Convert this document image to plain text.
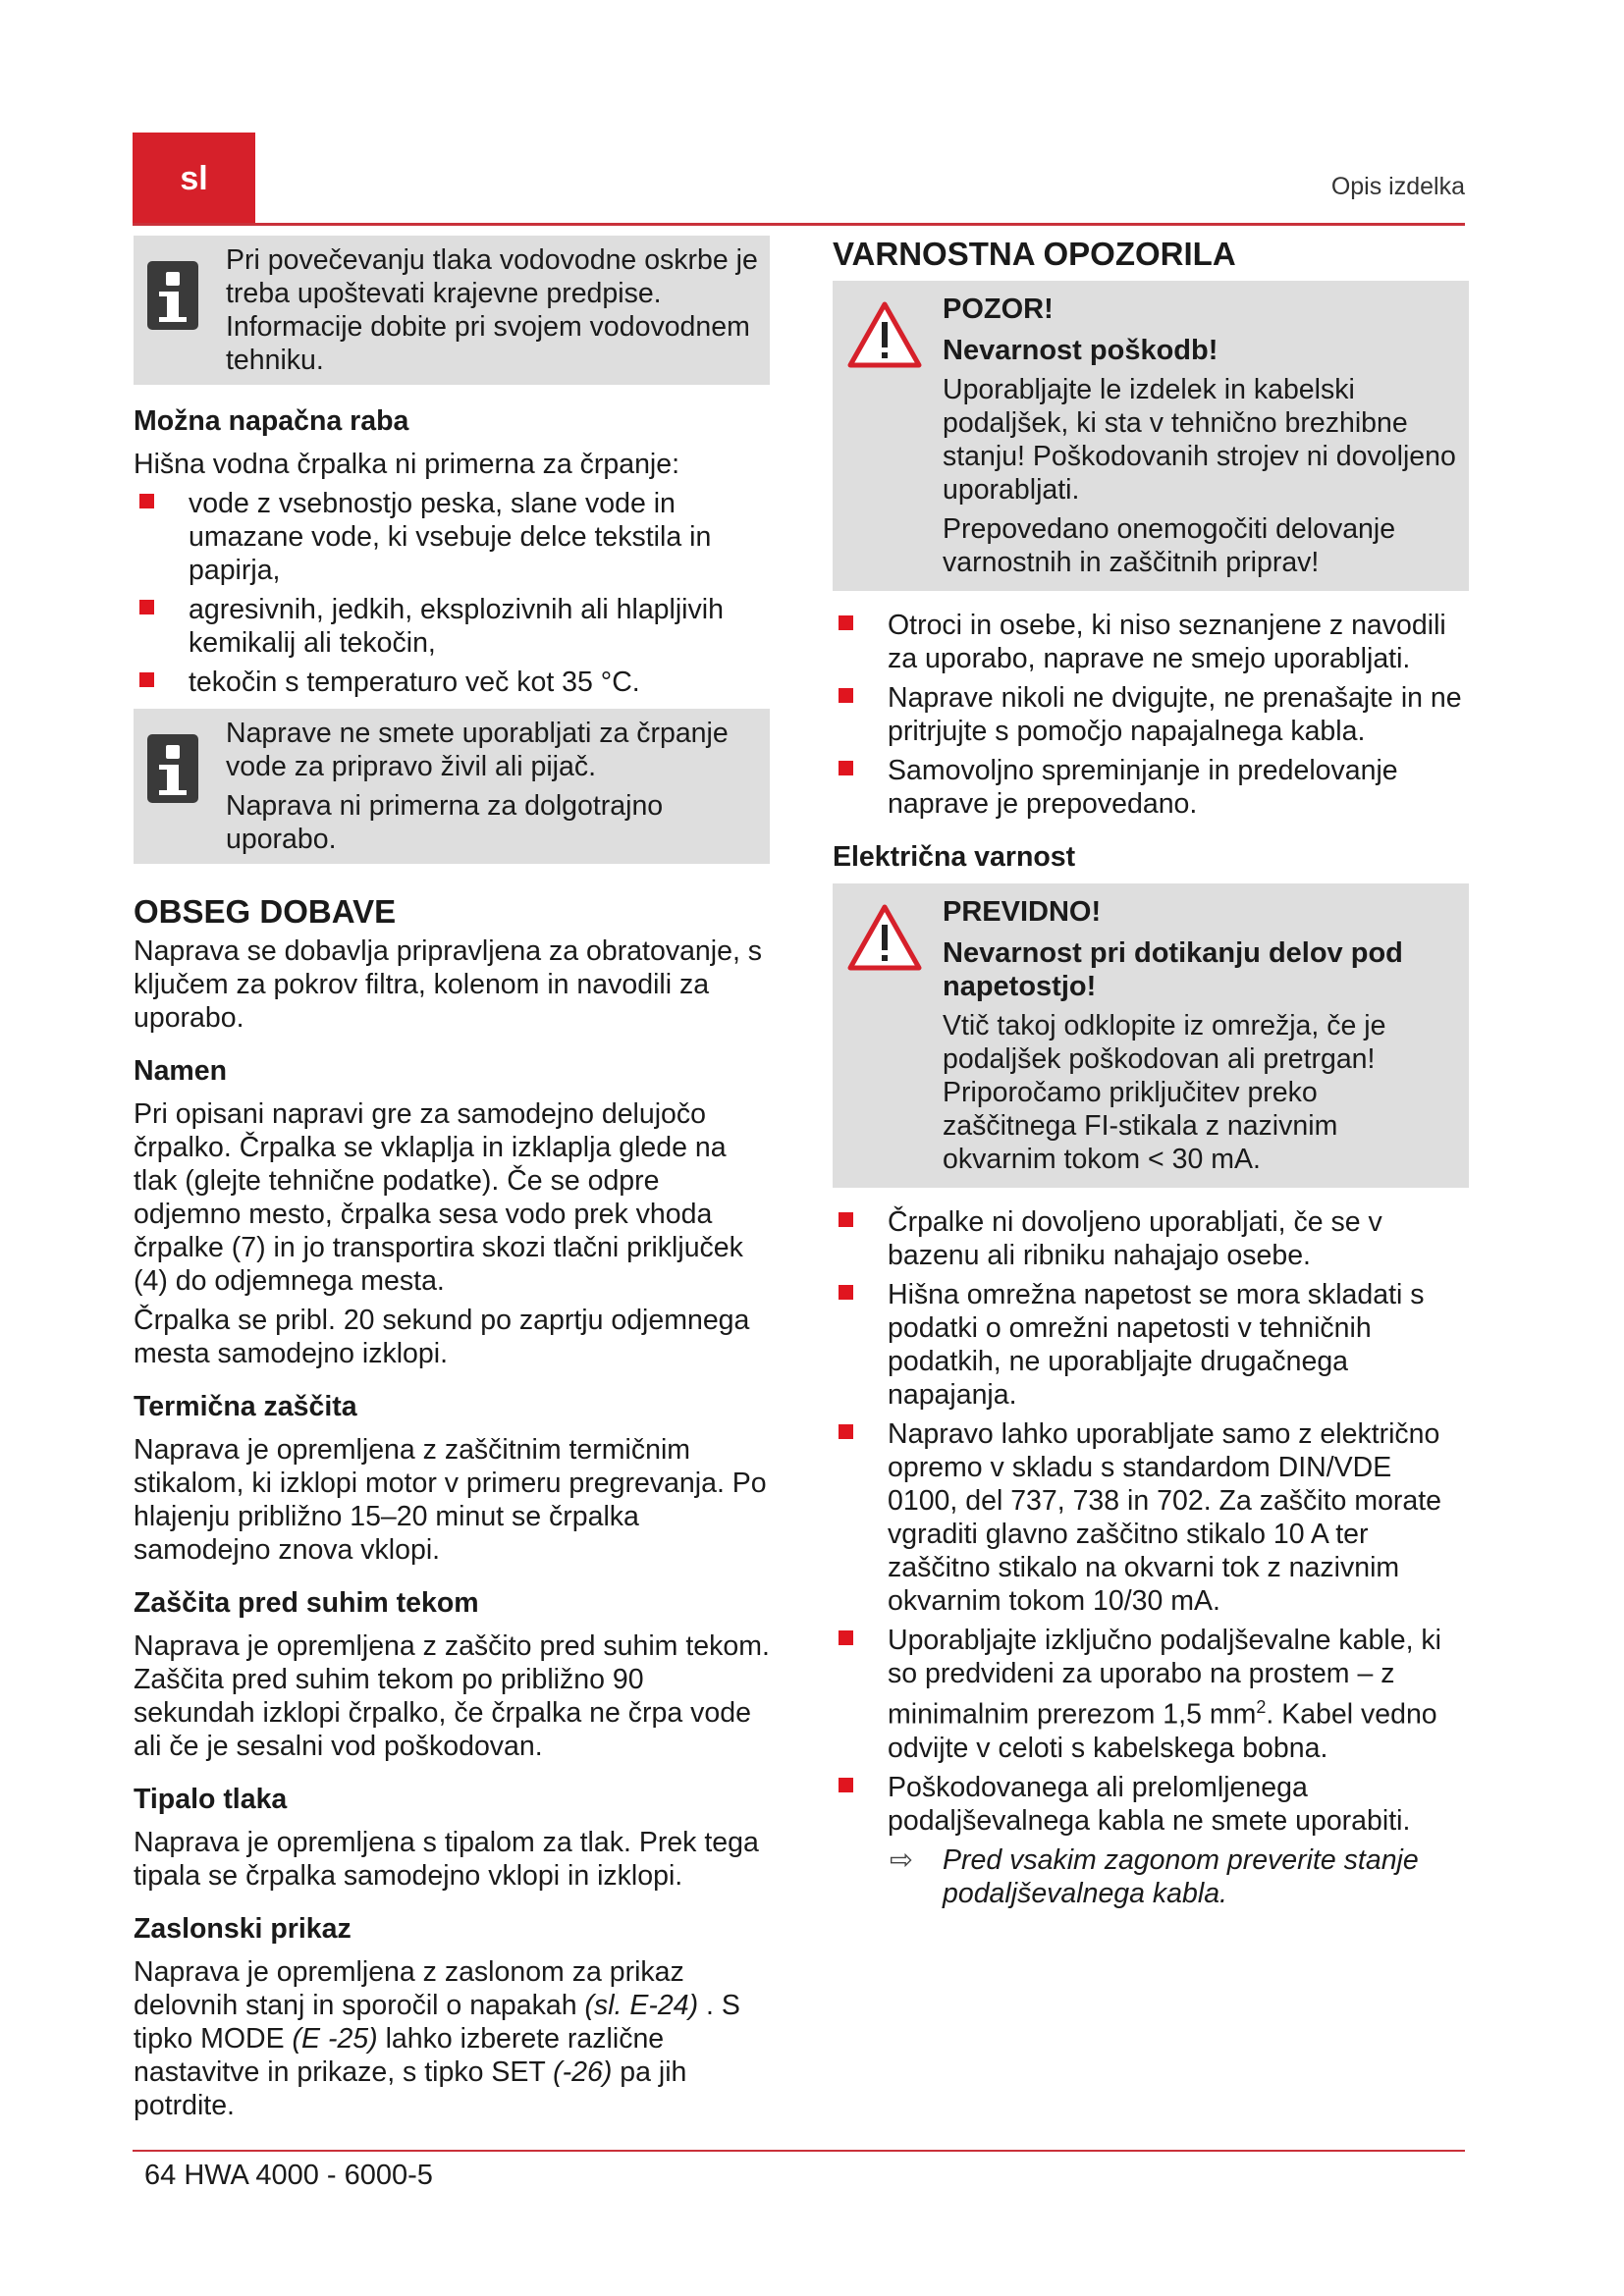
sl	Opis izdelka
Pri povečevanju tlaka vodovodne oskrbe je treba upoštevati krajevne predpise. Informacije dobite pri svojem vodovodnem tehniku.
Možna napačna raba

Hišna vodna črpalka ni primerna za črpanje:

vode z vsebnostjo peska, slane vode in umazane vode, ki vsebuje delce tekstila in papirja,
agresivnih, jedkih, eksplozivnih ali hlapljivih kemikalij ali tekočin,
tekočin s temperaturo več kot 35 °C.

Naprave ne smete uporabljati za črpanje vode za pripravo živil ali pijač.

Naprava ni primerna za dolgotrajno uporabo.

OBSEG DOBAVE

Naprava se dobavlja pripravljena za obratovanje, s ključem za pokrov filtra, kolenom in navodili za uporabo.

Namen

Pri opisani napravi gre za samodejno delujočo črpalko. Črpalka se vklaplja in izklaplja glede na tlak (glejte tehnične podatke). Če se odpre odjemno mesto, črpalka sesa vodo prek vhoda črpalke (7) in jo transportira skozi tlačni priključek (4) do odjemnega mesta.

Črpalka se pribl. 20 sekund po zaprtju odjemnega mesta samodejno izklopi.

Termična zaščita

Naprava je opremljena z zaščitnim termičnim stikalom, ki izklopi motor v primeru pregrevanja. Po hlajenju približno 15–20 minut se črpalka samodejno znova vklopi.

Zaščita pred suhim tekom

Naprava je opremljena z zaščito pred suhim tekom. Zaščita pred suhim tekom po približno 90 sekundah izklopi črpalko, če črpalka ne črpa vode ali če je sesalni vod poškodovan.

Tipalo tlaka

Naprava je opremljena s tipalom za tlak. Prek tega tipala se črpalka samodejno vklopi in izklopi.

Zaslonski prikaz

Naprava je opremljena z zaslonom za prikaz delovnih stanj in sporočil o napakah (sl. E-24) . S tipko MODE (E -25) lahko izberete različne nastavitve in prikaze, s tipko SET (-26) pa jih potrdite.

VARNOSTNA OPOZORILA
POZOR!
Nevarnost poškodb!

Uporabljajte le izdelek in kabelski podaljšek, ki sta v tehnično brezhibne stanju! Poškodovanih strojev ni dovoljeno uporabljati.

Prepovedano onemogočiti delovanje varnostnih in zaščitnih priprav!

Otroci in osebe, ki niso seznanjene z navodili za uporabo, naprave ne smejo uporabljati.
Naprave nikoli ne dvigujte, ne prenašajte in ne pritrjujte s pomočjo napajalnega kabla.
Samovoljno spreminjanje in predelovanje naprave je prepovedano.
Električna varnost
PREVIDNO!
Nevarnost pri dotikanju delov pod napetostjo!

Vtič takoj odklopite iz omrežja, če je podaljšek poškodovan ali pretrgan! Priporočamo priključitev preko zaščitnega FI-stikala z nazivnim okvarnim tokom < 30 mA.

Črpalke ni dovoljeno uporabljati, če se v bazenu ali ribniku nahajajo osebe.
Hišna omrežna napetost se mora skladati s podatki o omrežni napetosti v tehničnih podatkih, ne uporabljajte drugačnega napajanja.
Napravo lahko uporabljate samo z električno opremo v skladu s standardom DIN/VDE 0100, del 737, 738 in 702. Za zaščito morate vgraditi glavno zaščitno stikalo 10 A ter zaščitno stikalo na okvarni tok z nazivnim okvarnim tokom 10/30 mA.
Uporabljajte izključno podaljševalne kable, ki so predvideni za uporabo na prostem – z minimalnim prerezom 1,5 $mm^2$. Kabel vedno odvijte v celoti s kabelskega bobna.
Poškodovanega ali prelomljenega podaljševalnega kabla ne smete uporabiti.
⇨ Pred vsakim zagonom preverite stanje podaljševalnega kabla.
64 HWA 4000 - 6000-5
